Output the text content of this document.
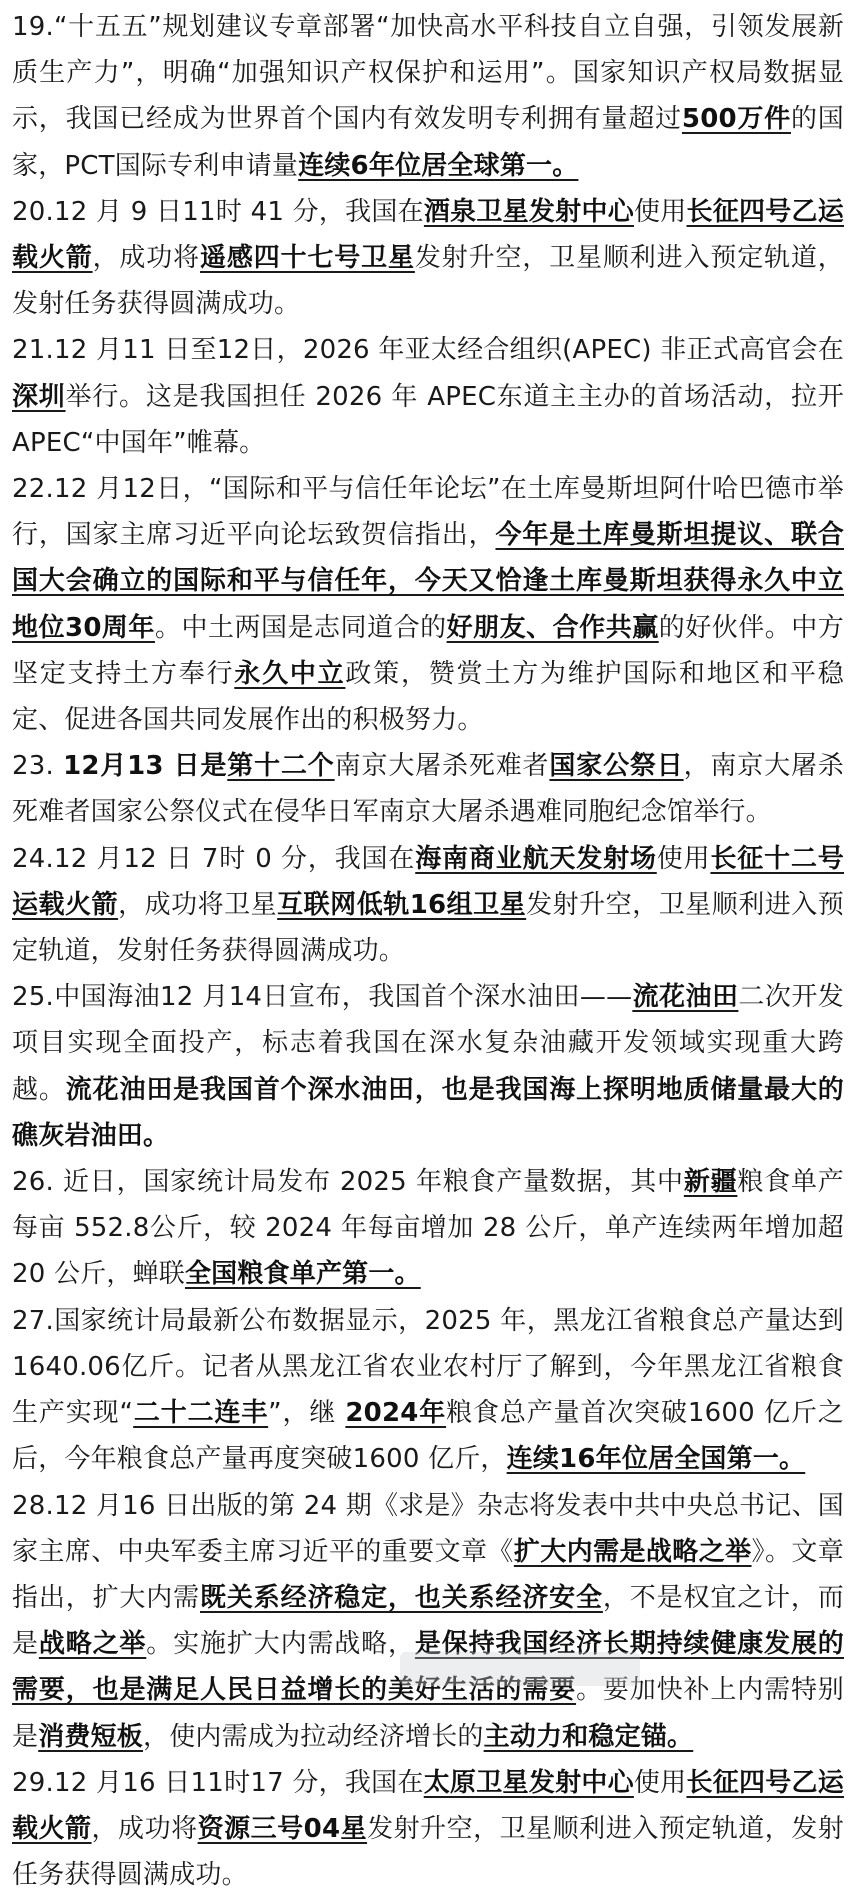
19.“十五五”规划建议专章部署“加快高水平科技自立自强，引领发展新质生产力”，明确“加强知识产权保护和运用”。国家知识产权局数据显示，我国已经成为世界首个国内有效发明专利拥有量超过500万件的国家，PCT国际专利申请量连续6年位居全球第一。

20.12 月 9 日11时 41 分，我国在酒泉卫星发射中心使用长征四号乙运载火箭，成功将遥感四十七号卫星发射升空，卫星顺利进入预定轨道，发射任务获得圆满成功。

21.12 月11 日至12日，2026 年亚太经合组织(APEC) 非正式高官会在深圳举行。这是我国担任 2026 年 APEC东道主主办的首场活动，拉开 APEC“中国年”帷幕。

22.12 月12日，“国际和平与信任年论坛”在土库曼斯坦阿什哈巴德市举行，国家主席习近平向论坛致贺信指出，今年是土库曼斯坦提议、联合国大会确立的国际和平与信任年，今天又恰逢土库曼斯坦获得永久中立地位30周年。中土两国是志同道合的好朋友、合作共赢的好伙伴。中方坚定支持土方奉行永久中立政策，赞赏土方为维护国际和地区和平稳定、促进各国共同发展作出的积极努力。

23. 12月13 日是第十二个南京大屠杀死难者国家公祭日，南京大屠杀死难者国家公祭仪式在侵华日军南京大屠杀遇难同胞纪念馆举行。

24.12 月12 日 7时 0 分，我国在海南商业航天发射场使用长征十二号运载火箭，成功将卫星互联网低轨16组卫星发射升空，卫星顺利进入预定轨道，发射任务获得圆满成功。

25.中国海油12 月14日宣布，我国首个深水油田——流花油田二次开发项目实现全面投产，标志着我国在深水复杂油藏开发领域实现重大跨越。流花油田是我国首个深水油田，也是我国海上探明地质储量最大的礁灰岩油田。

26. 近日，国家统计局发布 2025 年粮食产量数据，其中新疆粮食单产每亩 552.8公斤，较 2024 年每亩增加 28 公斤，单产连续两年增加超 20 公斤，蝉联全国粮食单产第一。

27.国家统计局最新公布数据显示，2025 年，黑龙江省粮食总产量达到1640.06亿斤。记者从黑龙江省农业农村厅了解到，今年黑龙江省粮食生产实现“二十二连丰”，继 2024年粮食总产量首次突破1600 亿斤之后，今年粮食总产量再度突破1600 亿斤，连续16年位居全国第一。

28.12 月16 日出版的第 24 期《求是》杂志将发表中共中央总书记、国家主席、中央军委主席习近平的重要文章《扩大内需是战略之举》。文章指出，扩大内需既关系经济稳定，也关系经济安全，不是权宜之计，而是战略之举。实施扩大内需战略，是保持我国经济长期持续健康发展的需要，也是满足人民日益增长的美好生活的需要。要加快补上内需特别是消费短板，使内需成为拉动经济增长的主动力和稳定锚。

29.12 月16 日11时17 分，我国在太原卫星发射中心使用长征四号乙运载火箭，成功将资源三号04星发射升空，卫星顺利进入预定轨道，发射任务获得圆满成功。
